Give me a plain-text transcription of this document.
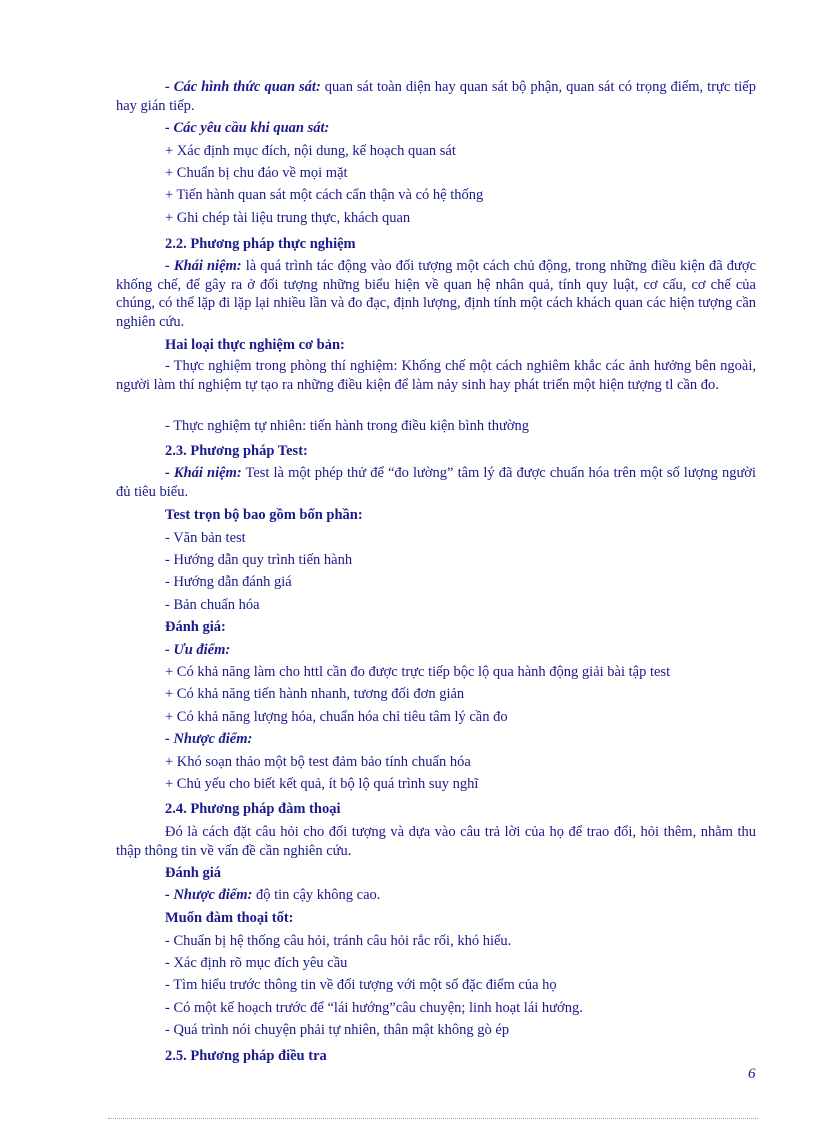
- Các hình thức quan sát: quan sát toàn diện hay quan sát bộ phận, quan sát có trọng điểm, trực tiếp hay gián tiếp.
- Các yêu cầu khi quan sát:
+ Xác định mục đích, nội dung, kế hoạch quan sát
+ Chuẩn bị chu đáo về mọi mặt
+ Tiến hành quan sát một cách cẩn thận và có hệ thống
+ Ghi chép tài liệu trung thực, khách quan
2.2. Phương pháp thực nghiệm
- Khái niệm: là quá trình tác động vào đối tượng một cách chủ động, trong những điều kiện đã được khống chế, để gây ra ở đối tượng những biểu hiện về quan hệ nhân quả, tính quy luật, cơ cấu, cơ chế của chúng, có thể lặp đi lặp lại nhiều lần và đo đạc, định lượng, định tính một cách khách quan các hiện tượng cần nghiên cứu.
Hai loại thực nghiệm cơ bản:
- Thực nghiệm trong phòng thí nghiệm: Khống chế một cách nghiêm khắc các ảnh hưởng bên ngoài, người làm thí nghiệm tự tạo ra những điều kiện để làm nảy sinh hay phát triển một hiện tượng tl cần đo.
- Thực nghiệm tự nhiên: tiến hành trong điều kiện bình thường
2.3. Phương pháp Test:
- Khái niệm: Test là một phép thử để “đo lường” tâm lý đã được chuẩn hóa trên một số lượng người đủ tiêu biểu.
Test trọn bộ bao gồm bốn phần:
- Văn bản test
- Hướng dẫn quy trình tiến hành
- Hướng dẫn đánh giá
- Bản chuẩn hóa
Đánh giá:
- Ưu điểm:
+ Có khả năng làm cho httl cần đo được trực tiếp bộc lộ qua hành động giải bài tập test
+ Có khả năng tiến hành nhanh, tương đối đơn giản
+ Có khả năng lượng hóa, chuẩn hóa chỉ tiêu tâm lý cần đo
- Nhược điểm:
+ Khó soạn thảo một bộ test đảm bảo tính chuẩn hóa
+ Chủ yếu cho biết kết quả, ít bộ lộ quá trình suy nghĩ
2.4. Phương pháp đàm thoại
Đó là cách đặt câu hỏi cho đối tượng và dựa vào câu trả lời của họ để trao đổi, hỏi thêm, nhằm thu thập thông tin về vấn đề cần nghiên cứu.
Đánh giá
- Nhược điểm: độ tin cậy không cao.
Muốn đàm thoại tốt:
- Chuẩn bị hệ thống câu hỏi, tránh câu hỏi rắc rối, khó hiểu.
- Xác định rõ mục đích yêu cầu
- Tìm hiểu trước thông tin về đối tượng với một số đặc điểm của họ
- Có một kế hoạch trước để “lái hướng”câu chuyện; linh hoạt lái hướng.
- Quá trình nói chuyện phải tự nhiên, thân mật không gò ép
2.5. Phương pháp điều tra
6
